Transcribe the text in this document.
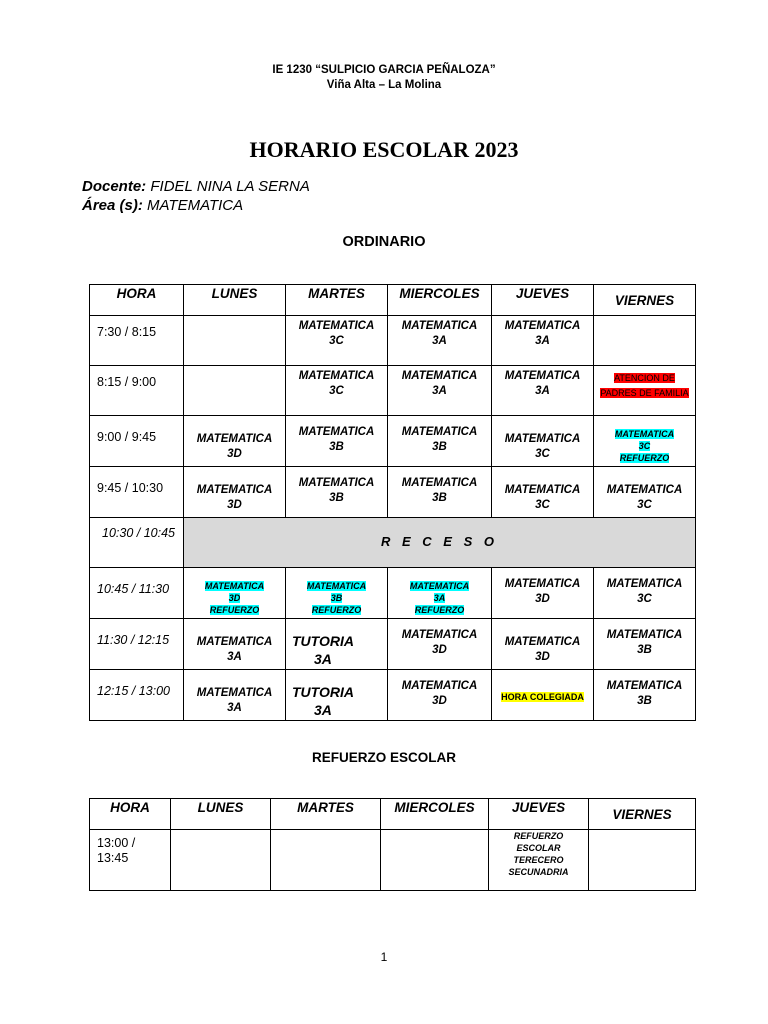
IE 1230 “SULPICIO GARCIA PEÑALOZA”
Viña Alta – La Molina
HORARIO ESCOLAR 2023
Docente: FIDEL NINA LA SERNA
Área (s): MATEMATICA
ORDINARIO
HORA	LUNES	MARTES	MIERCOLES	JUEVES	VIERNES

7:30 / 8:15		MATEMATICA
3C	MATEMATICA
3A	MATEMATICA
3A	

8:15 / 9:00		MATEMATICA
3C	MATEMATICA
3A	MATEMATICA
3A	ATENCION DE
PADRES DE FAMILIA

9:00 / 9:45	MATEMATICA
3D	MATEMATICA
3B	MATEMATICA
3B	MATEMATICA
3C	MATEMATICA
3C
REFUERZO

9:45 / 10:30	MATEMATICA
3D	MATEMATICA
3B	MATEMATICA
3B	MATEMATICA
3C	MATEMATICA
3C

10:30 / 10:45	R E C E S O				

10:45 / 11:30	MATEMATICA
3D
REFUERZO	MATEMATICA
3B
REFUERZO	MATEMATICA
3A
REFUERZO	MATEMATICA
3D	MATEMATICA
3C

11:30 / 12:15	MATEMATICA
3A	TUTORIA
3A	MATEMATICA
3D	MATEMATICA
3D	MATEMATICA
3B

12:15 / 13:00	MATEMATICA
3A	TUTORIA
3A	MATEMATICA
3D	HORA COLEGIADA	MATEMATICA
3B
REFUERZO ESCOLAR
HORA	LUNES	MARTES	MIERCOLES	JUEVES	VIERNES

13:00 /
13:45				REFUERZO
ESCOLAR
TERECERO
SECUNADRIA	

1
